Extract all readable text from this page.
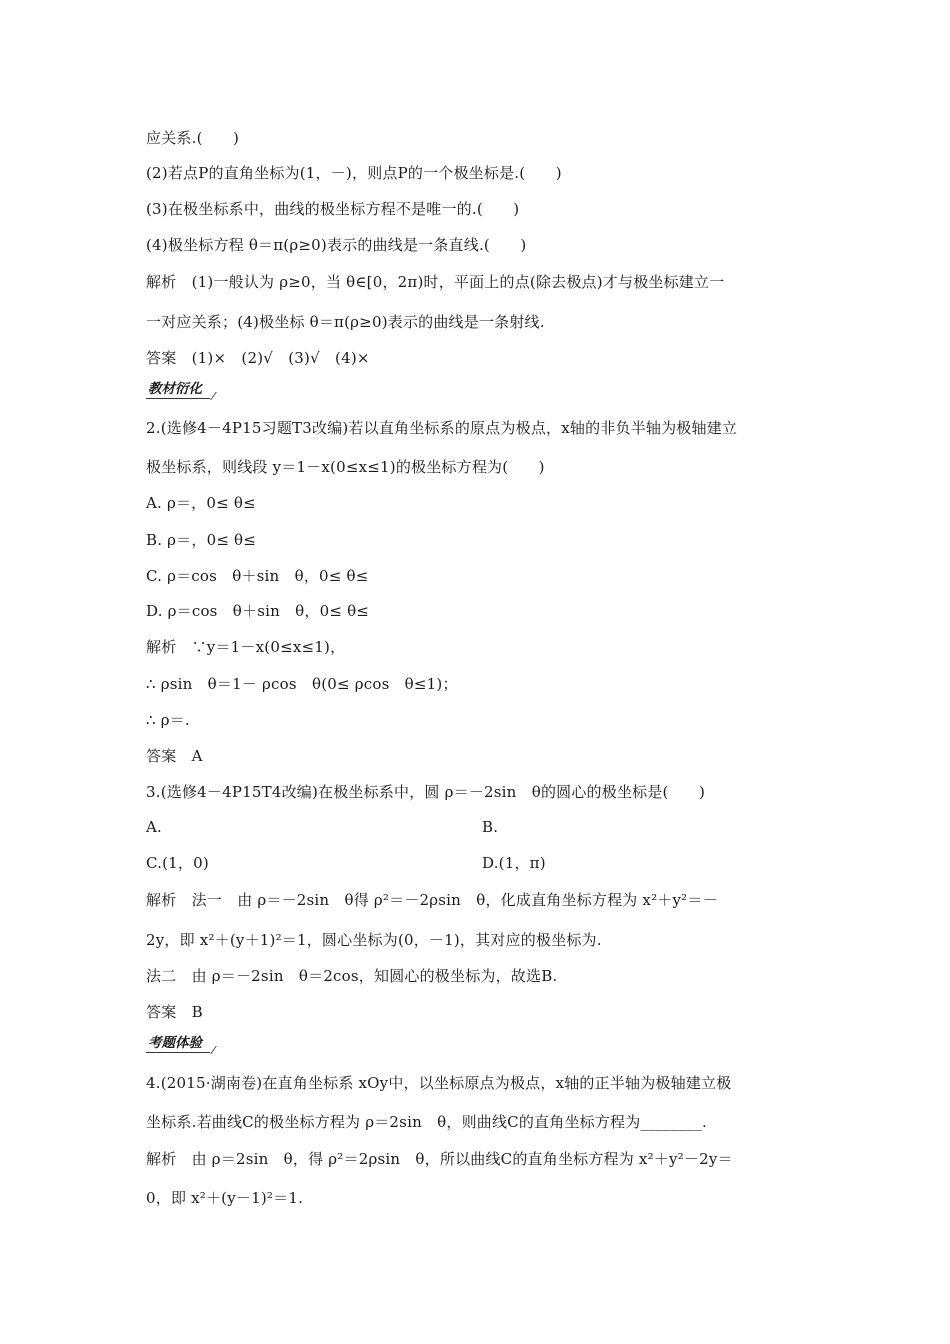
应关系.(　　)
(2)若点P的直角坐标为(1，－)，则点P的一个极坐标是.(　　)
(3)在极坐标系中，曲线的极坐标方程不是唯一的.(　　)
(4)极坐标方程 θ＝π(ρ≥0)表示的曲线是一条直线.(　　)
解析　(1)一般认为 ρ≥0，当 θ∈[0，2π)时，平面上的点(除去极点)才与极坐标建立一
一对应关系；(4)极坐标 θ＝π(ρ≥0)表示的曲线是一条射线.
答案　(1)×　(2)√　(3)√　(4)×
教材衍化
2.(选修4－4P15习题T3改编)若以直角坐标系的原点为极点，x轴的非负半轴为极轴建立
极坐标系，则线段 y＝1－x(0≤x≤1)的极坐标方程为(　　)
A. ρ＝，0≤ θ≤
B. ρ＝，0≤ θ≤
C. ρ＝cos　θ＋sin　θ，0≤ θ≤
D. ρ＝cos　θ＋sin　θ，0≤ θ≤
解析　∵y＝1－x(0≤x≤1)，
∴ ρsin　θ＝1－ ρcos　θ(0≤ ρcos　θ≤1)；
∴ ρ＝.
答案　A
3.(选修4－4P15T4改编)在极坐标系中，圆 ρ＝－2sin　θ的圆心的极坐标是(　　)
A.	B.
C.(1，0)	D.(1，π)
解析　法一　由 ρ＝－2sin　θ得 ρ²＝－2ρsin　θ，化成直角坐标方程为 x²＋y²＝－
2y，即 x²＋(y＋1)²＝1，圆心坐标为(0，－1)，其对应的极坐标为.
法二　由 ρ＝－2sin　θ＝2cos，知圆心的极坐标为，故选B.
答案　B
考题体验
4.(2015·湖南卷)在直角坐标系 xOy中，以坐标原点为极点，x轴的正半轴为极轴建立极
坐标系.若曲线C的极坐标方程为 ρ＝2sin　θ，则曲线C的直角坐标方程为________.
解析　由 ρ＝2sin　θ，得 ρ²＝2ρsin　θ，所以曲线C的直角坐标方程为 x²＋y²－2y＝
0，即 x²＋(y－1)²＝1.
